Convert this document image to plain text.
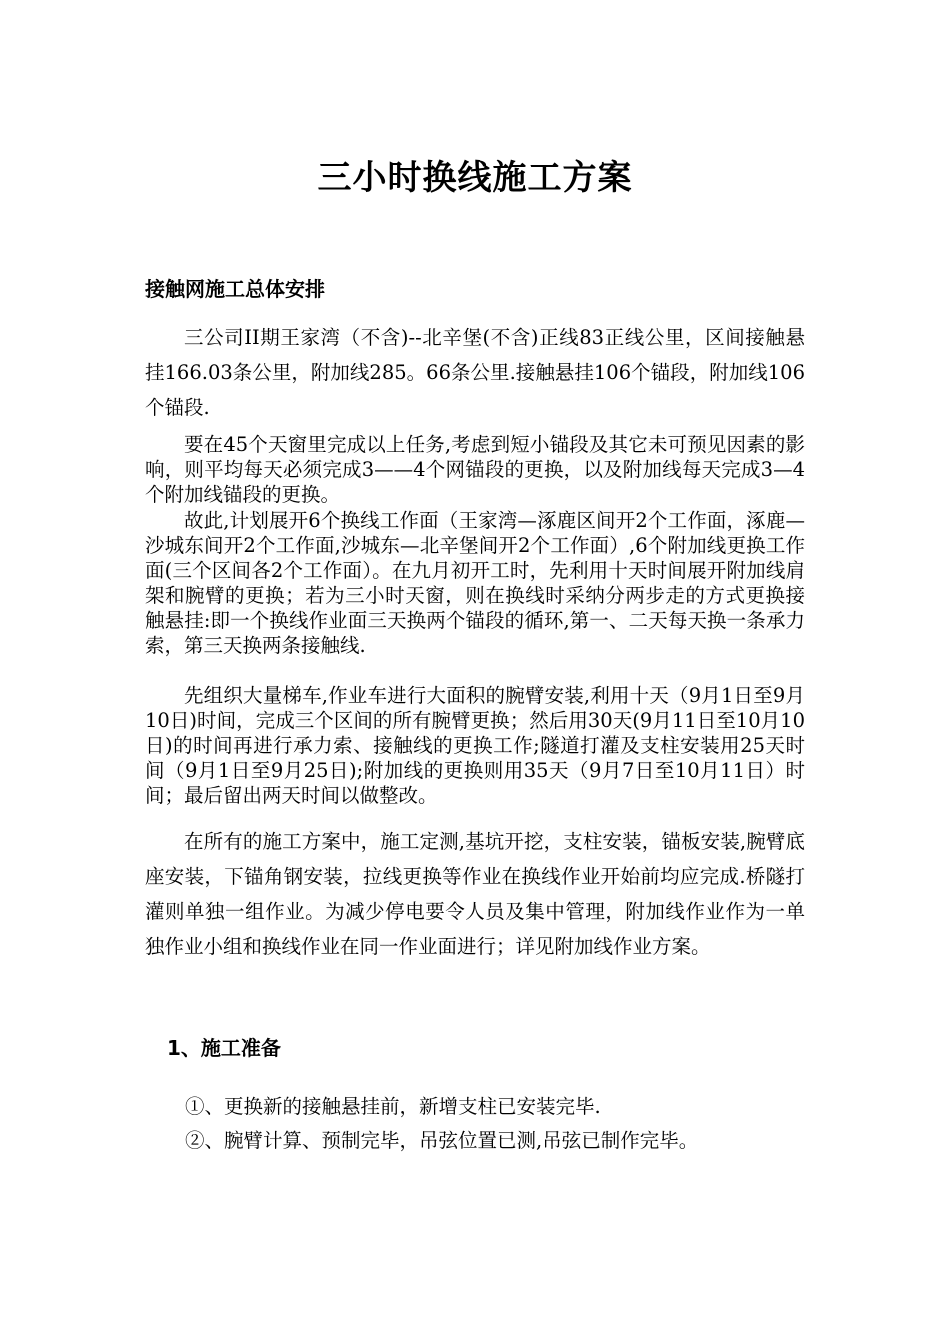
三小时换线施工方案
接触网施工总体安排

三公司II期王家湾（不含)--北辛堡(不含)正线83正线公里，区间接触悬挂166.03条公里，附加线285。66条公里.接触悬挂106个锚段，附加线106个锚段.

要在45个天窗里完成以上任务,考虑到短小锚段及其它未可预见因素的影响，则平均每天必须完成3——4个网锚段的更换，以及附加线每天完成3—4个附加线锚段的更换。

故此,计划展开6个换线工作面（王家湾—涿鹿区间开2个工作面，涿鹿—沙城东间开2个工作面,沙城东—北辛堡间开2个工作面）,6个附加线更换工作面(三个区间各2个工作面）。在九月初开工时，先利用十天时间展开附加线肩架和腕臂的更换；若为三小时天窗，则在换线时采纳分两步走的方式更换接触悬挂:即一个换线作业面三天换两个锚段的循环,第一、二天每天换一条承力索，第三天换两条接触线.

先组织大量梯车,作业车进行大面积的腕臂安装,利用十天（9月1日至9月10日)时间，完成三个区间的所有腕臂更换；然后用30天(9月11日至10月10日)的时间再进行承力索、接触线的更换工作;隧道打灌及支柱安装用25天时间（9月1日至9月25日);附加线的更换则用35天（9月7日至10月11日）时间；最后留出两天时间以做整改。

在所有的施工方案中，施工定测,基坑开挖，支柱安装，锚板安装,腕臂底座安装，下锚角钢安装，拉线更换等作业在换线作业开始前均应完成.桥隧打灌则单独一组作业。为减少停电要令人员及集中管理，附加线作业作为一单独作业小组和换线作业在同一作业面进行；详见附加线作业方案。

1、施工准备
①、更换新的接触悬挂前，新增支柱已安装完毕.
②、腕臂计算、预制完毕，吊弦位置已测,吊弦已制作完毕。
